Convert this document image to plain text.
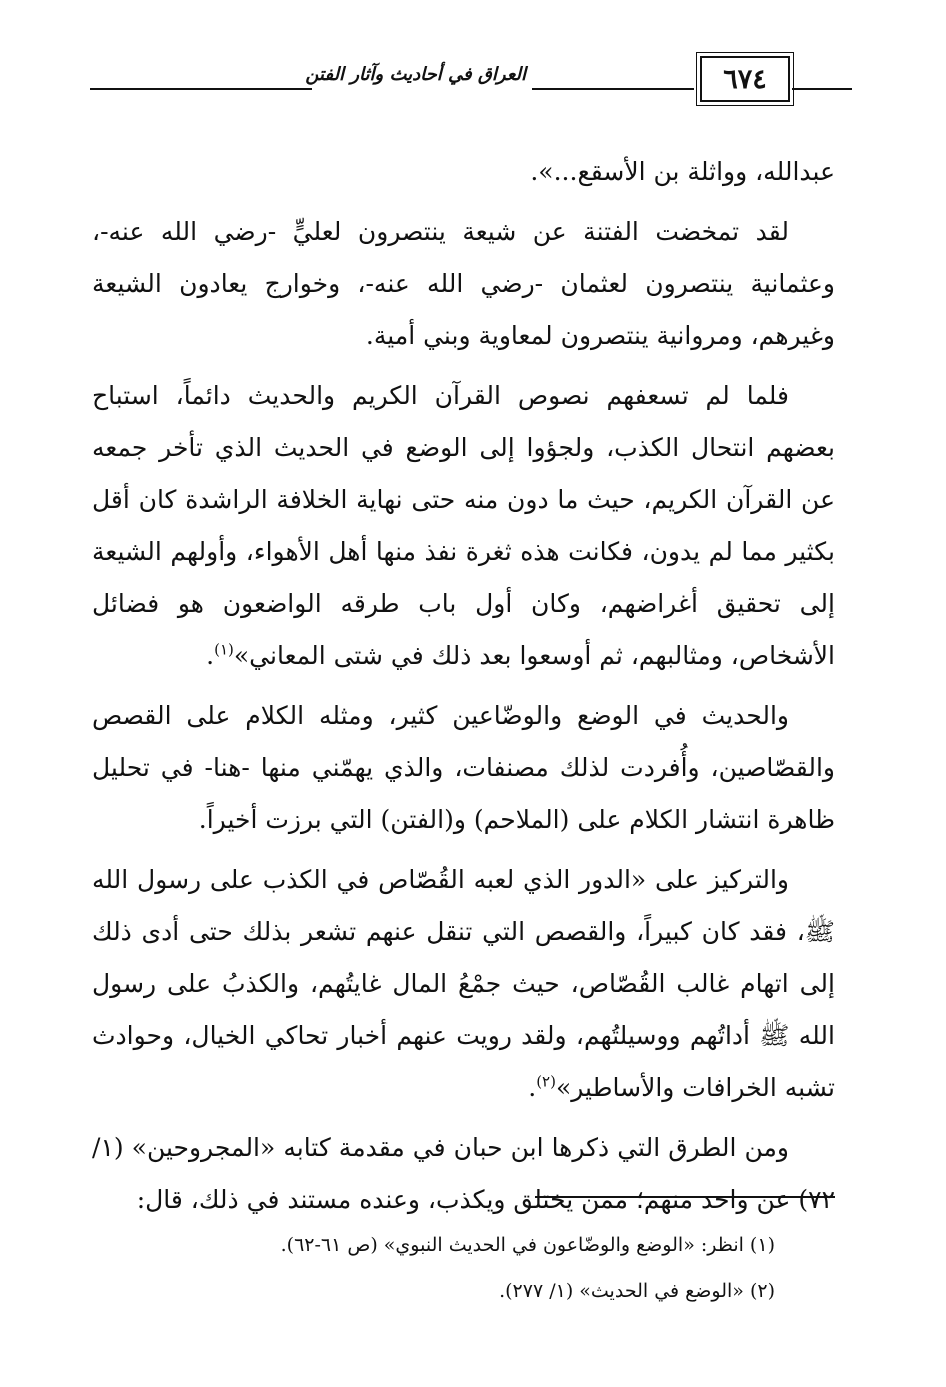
٦٧٤
العراق في أحاديث وآثار الفتن

عبدالله، وواثلة بن الأسقع...».

لقد تمخضت الفتنة عن شيعة ينتصرون لعليٍّ -رضي الله عنه-، وعثمانية ينتصرون لعثمان -رضي الله عنه-، وخوارج يعادون الشيعة وغيرهم، ومروانية ينتصرون لمعاوية وبني أمية.

فلما لم تسعفهم نصوص القرآن الكريم والحديث دائماً، استباح بعضهم انتحال الكذب، ولجؤوا إلى الوضع في الحديث الذي تأخر جمعه عن القرآن الكريم، حيث ما دون منه حتى نهاية الخلافة الراشدة كان أقل بكثير مما لم يدون، فكانت هذه ثغرة نفذ منها أهل الأهواء، وأولهم الشيعة إلى تحقيق أغراضهم، وكان أول باب طرقه الواضعون هو فضائل الأشخاص، ومثالبهم، ثم أوسعوا بعد ذلك في شتى المعاني»$^{(١)}$.

والحديث في الوضع والوضّاعين كثير، ومثله الكلام على القصص والقصّاصين، وأُفردت لذلك مصنفات، والذي يهمّني منها -هنا- في تحليل ظاهرة انتشار الكلام على (الملاحم) و(الفتن) التي برزت أخيراً.

والتركيز على «الدور الذي لعبه القُصّاص في الكذب على رسول الله ﷺ، فقد كان كبيراً، والقصص التي تنقل عنهم تشعر بذلك حتى أدى ذلك إلى اتهام غالب القُصّاص، حيث جمْعُ المال غايتُهم، والكذبُ على رسول الله ﷺ أداتُهم ووسيلتُهم، ولقد رويت عنهم أخبار تحاكي الخيال، وحوادث تشبه الخرافات والأساطير»$^{(٢)}$.

ومن الطرق التي ذكرها ابن حبان في مقدمة كتابه «المجروحين» (١/ ٧٢) عن واحد منهم؛ ممن يختلق ويكذب، وعنده مستند في ذلك، قال:

(١) انظر: «الوضع والوضّاعون في الحديث النبوي» (ص ٦١-٦٢).

(٢) «الوضع في الحديث» (١/ ٢٧٧).
